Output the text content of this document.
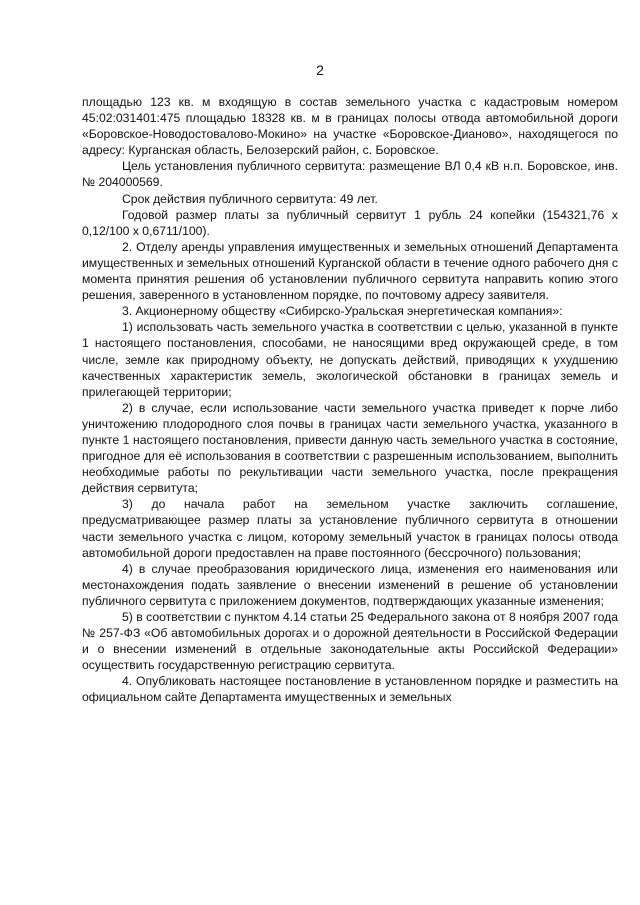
2

площадью 123 кв. м входящую в состав земельного участка с кадастровым номером 45:02:031401:475 площадью 18328 кв. м в границах полосы отвода автомобильной дороги «Боровское-Новодостовалово-Мокино» на участке «Боровское-Дианово», находящегося по адресу: Курганская область, Белозерский район, с. Боровское.

Цель установления публичного сервитута: размещение ВЛ 0,4 кВ н.п. Боровское, инв. № 204000569.

Срок действия публичного сервитута: 49 лет.

Годовой размер платы за публичный сервитут 1 рубль 24 копейки (154321,76 х 0,12/100 х 0,6711/100).

2. Отделу аренды управления имущественных и земельных отношений Департамента имущественных и земельных отношений Курганской области в течение одного рабочего дня с момента принятия решения об установлении публичного сервитута направить копию этого решения, заверенного в установленном порядке, по почтовому адресу заявителя.

3. Акционерному обществу «Сибирско-Уральская энергетическая компания»:

1) использовать часть земельного участка в соответствии с целью, указанной в пункте 1 настоящего постановления, способами, не наносящими вред окружающей среде, в том числе, земле как природному объекту, не допускать действий, приводящих к ухудшению качественных характеристик земель, экологической обстановки в границах земель и прилегающей территории;

2) в случае, если использование части земельного участка приведет к порче либо уничтожению плодородного слоя почвы в границах части земельного участка, указанного в пункте 1 настоящего постановления, привести данную часть земельного участка в состояние, пригодное для её использования в соответствии с разрешенным использованием, выполнить необходимые работы по рекультивации части земельного участка, после прекращения действия сервитута;

3) до начала работ на земельном участке заключить соглашение, предусматривающее размер платы за установление публичного сервитута в отношении части земельного участка с лицом, которому земельный участок в границах полосы отвода автомобильной дороги предоставлен на праве постоянного (бессрочного) пользования;

4) в случае преобразования юридического лица, изменения его наименования или местонахождения подать заявление о внесении изменений в решение об установлении публичного сервитута с приложением документов, подтверждающих указанные изменения;

5) в соответствии с пунктом 4.14 статьи 25 Федерального закона от 8 ноября 2007 года № 257-ФЗ «Об автомобильных дорогах и о дорожной деятельности в Российской Федерации и о внесении изменений в отдельные законодательные акты Российской Федерации» осуществить государственную регистрацию сервитута.

4. Опубликовать настоящее постановление в установленном порядке и разместить на официальном сайте Департамента имущественных и земельных
